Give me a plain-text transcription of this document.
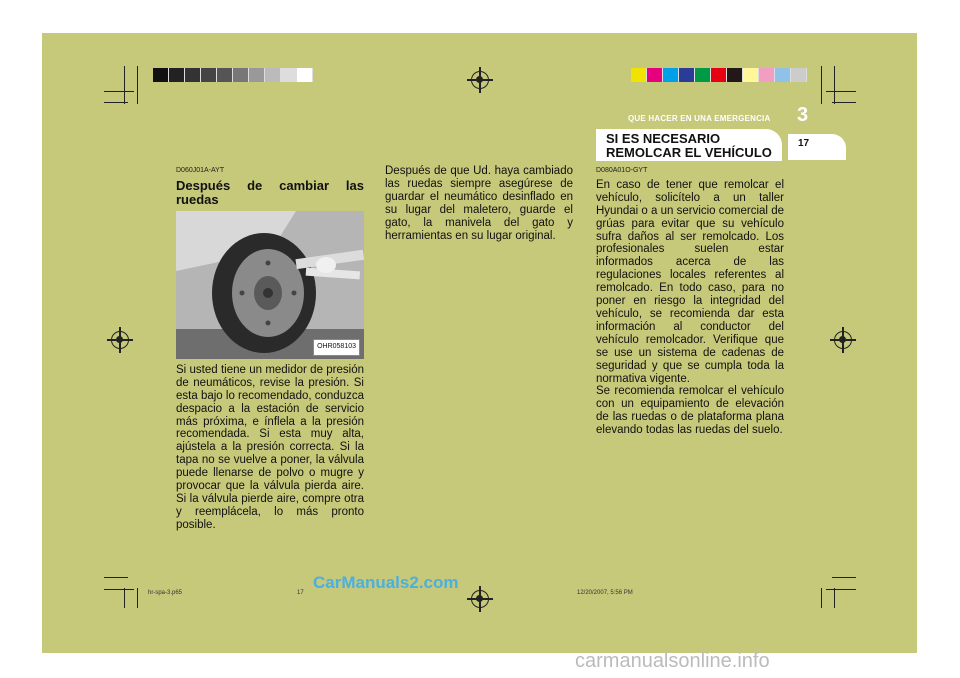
QUE HACER EN UNA EMERGENCIA 3
SI ES NECESARIO
REMOLCAR EL VEHÍCULO
17
D060J01A-AYT
Después de cambiar las ruedas
OHR058103

Si usted tiene un medidor de presión de neumáticos, revise la presión. Si esta bajo lo recomendado, conduzca despacio a la estación de servicio más próxima, e ínflela a la presión recomendada. Si esta muy alta, ajústela a la presión correcta. Si la tapa no se vuelve a poner, la válvula puede llenarse de polvo o mugre y provocar que la válvula pierda aire. Si la válvula pierde aire, compre otra y reemplácela, lo más pronto posible.

Después de que Ud. haya cambiado las ruedas siempre asegúrese de guardar el neumático desinflado en su lugar del maletero, guarde el gato, la manivela del gato y herramientas en su lugar original.

D080A01O-GYT

En caso de tener que remolcar el vehículo, solicítelo a un taller Hyundai o a un servicio comercial de grúas para evitar que su vehículo sufra daños al ser remolcado. Los profesionales suelen estar informados acerca de las regulaciones locales referentes al remolcado. En todo caso, para no poner en riesgo la integridad del vehículo, se recomienda dar esta información al conductor del vehículo remolcador. Verifique que se use un sistema de cadenas de seguridad y que se cumpla toda la normativa vigente.

Se recomienda remolcar el vehículo con un equipamiento de elevación de las ruedas o de plataforma plana elevando todas las ruedas del suelo.

hr-spa-3.p65	17	12/20/2007, 5:56 PM
CarManuals2.com
carmanualsonline.info
